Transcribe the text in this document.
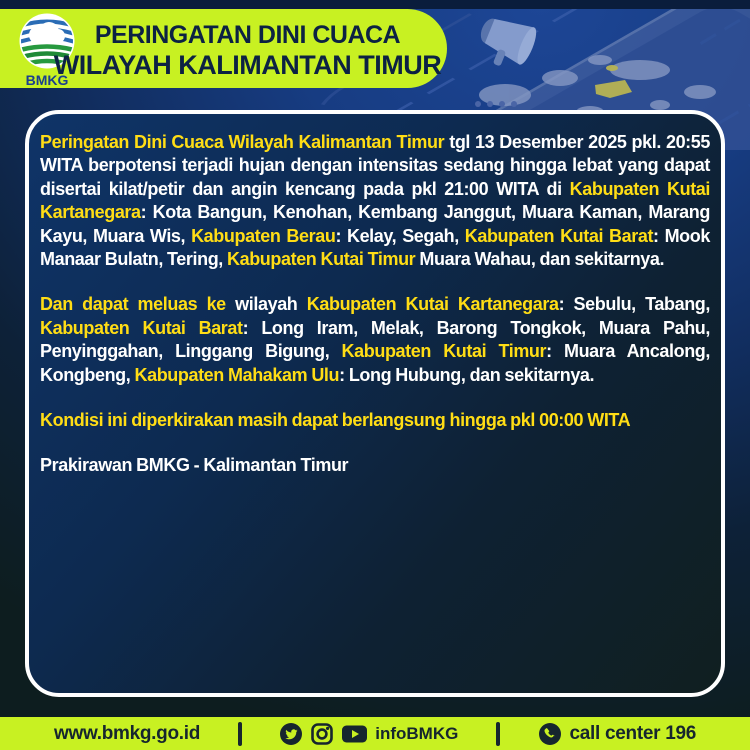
BMKG
PERINGATAN DINI CUACA
WILAYAH KALIMANTAN TIMUR

Peringatan Dini Cuaca Wilayah Kalimantan Timur tgl 13 Desember 2025 pkl. 20:55 WITA berpotensi terjadi hujan dengan intensitas sedang hingga lebat yang dapat disertai kilat/petir dan angin kencang pada pkl 21:00 WITA di Kabupaten Kutai Kartanegara: Kota Bangun, Kenohan, Kembang Janggut, Muara Kaman, Marang Kayu, Muara Wis, Kabupaten Berau: Kelay, Segah, Kabupaten Kutai Barat: Mook Manaar Bulatn, Tering, Kabupaten Kutai Timur Muara Wahau, dan sekitarnya.

Dan dapat meluas ke wilayah Kabupaten Kutai Kartanegara: Sebulu, Tabang, Kabupaten Kutai Barat: Long Iram, Melak, Barong Tongkok, Muara Pahu, Penyinggahan, Linggang Bigung, Kabupaten Kutai Timur: Muara Ancalong, Kongbeng, Kabupaten Mahakam Ulu: Long Hubung, dan sekitarnya.

Kondisi ini diperkirakan masih dapat berlangsung hingga pkl 00:00 WITA

Prakirawan BMKG - Kalimantan Timur

www.bmkg.go.id	infoBMKG	call center 196
